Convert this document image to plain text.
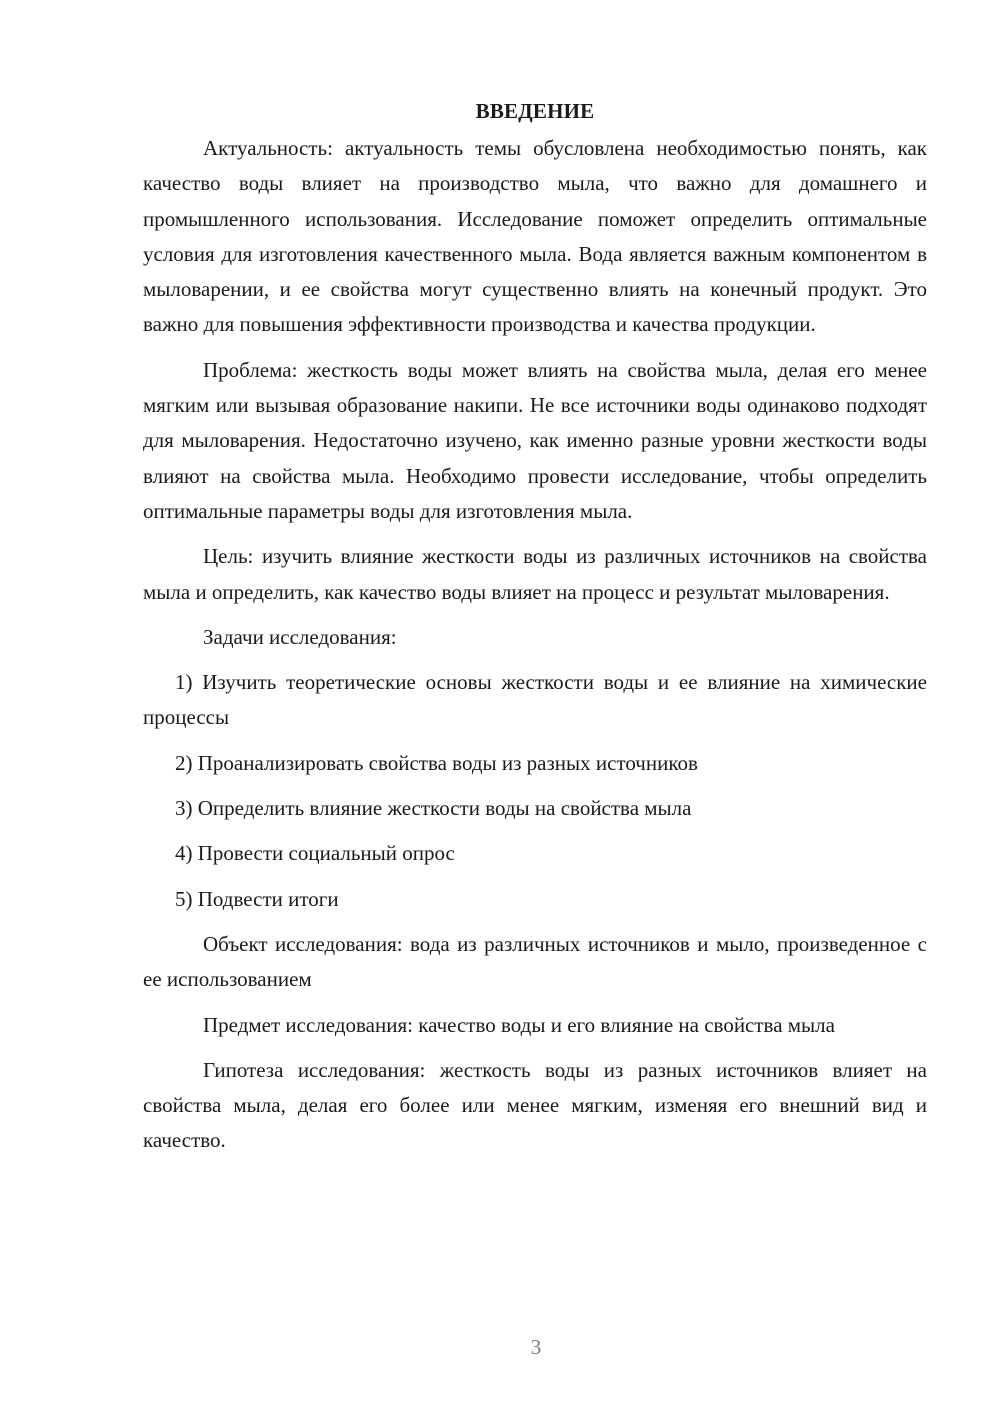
ВВЕДЕНИЕ

Актуальность: актуальность темы обусловлена необходимостью понять, как качество воды влияет на производство мыла, что важно для домашнего и промышленного использования. Исследование поможет определить оптимальные условия для изготовления качественного мыла. Вода является важным компонентом в мыловарении, и ее свойства могут существенно влиять на конечный продукт. Это важно для повышения эффективности производства и качества продукции.

Проблема: жесткость воды может влиять на свойства мыла, делая его менее мягким или вызывая образование накипи. Не все источники воды одинаково подходят для мыловарения. Недостаточно изучено, как именно разные уровни жесткости воды влияют на свойства мыла. Необходимо провести исследование, чтобы определить оптимальные параметры воды для изготовления мыла.

Цель: изучить влияние жесткости воды из различных источников на свойства мыла и определить, как качество воды влияет на процесс и результат мыловарения.

Задачи исследования:

1) Изучить теоретические основы жесткости воды и ее влияние на химические процессы

2) Проанализировать свойства воды из разных источников

3) Определить влияние жесткости воды на свойства мыла

4) Провести социальный опрос

5) Подвести итоги

Объект исследования: вода из различных источников и мыло, произведенное с ее использованием

Предмет исследования: качество воды и его влияние на свойства мыла

Гипотеза исследования: жесткость воды из разных источников влияет на свойства мыла, делая его более или менее мягким, изменяя его внешний вид и качество.

3
